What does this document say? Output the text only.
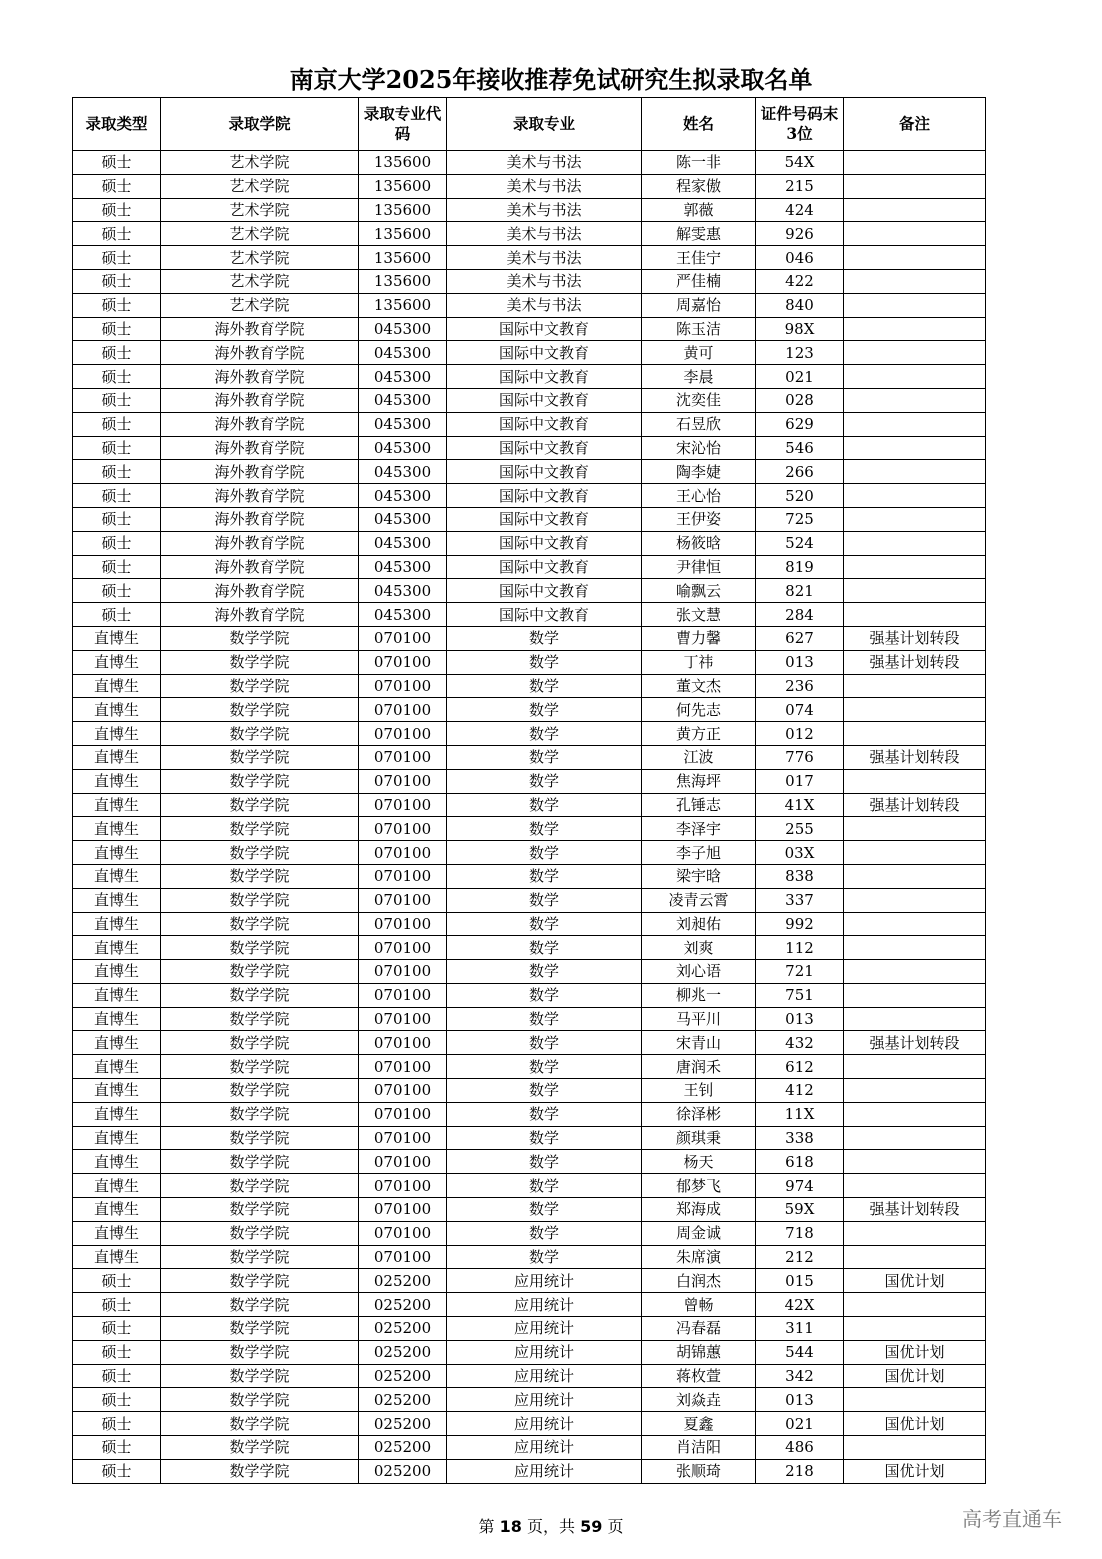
南京大学2025年接收推荐免试研究生拟录取名单
录取类型	录取学院	录取专业代码	录取专业	姓名	证件号码末3位	备注
硕士	艺术学院	135600	美术与书法	陈一非	54X	
硕士	艺术学院	135600	美术与书法	程家傲	215	
硕士	艺术学院	135600	美术与书法	郭薇	424	
硕士	艺术学院	135600	美术与书法	解雯惠	926	
硕士	艺术学院	135600	美术与书法	王佳宁	046	
硕士	艺术学院	135600	美术与书法	严佳楠	422	
硕士	艺术学院	135600	美术与书法	周嘉怡	840	
硕士	海外教育学院	045300	国际中文教育	陈玉洁	98X	
硕士	海外教育学院	045300	国际中文教育	黄可	123	
硕士	海外教育学院	045300	国际中文教育	李晨	021	
硕士	海外教育学院	045300	国际中文教育	沈奕佳	028	
硕士	海外教育学院	045300	国际中文教育	石昱欣	629	
硕士	海外教育学院	045300	国际中文教育	宋沁怡	546	
硕士	海外教育学院	045300	国际中文教育	陶李婕	266	
硕士	海外教育学院	045300	国际中文教育	王心怡	520	
硕士	海外教育学院	045300	国际中文教育	王伊姿	725	
硕士	海外教育学院	045300	国际中文教育	杨筱晗	524	
硕士	海外教育学院	045300	国际中文教育	尹律恒	819	
硕士	海外教育学院	045300	国际中文教育	喻飘云	821	
硕士	海外教育学院	045300	国际中文教育	张文慧	284	
直博生	数学学院	070100	数学	曹力馨	627	强基计划转段
直博生	数学学院	070100	数学	丁祎	013	强基计划转段
直博生	数学学院	070100	数学	董文杰	236	
直博生	数学学院	070100	数学	何先志	074	
直博生	数学学院	070100	数学	黄方正	012	
直博生	数学学院	070100	数学	江波	776	强基计划转段
直博生	数学学院	070100	数学	焦海坪	017	
直博生	数学学院	070100	数学	孔锤志	41X	强基计划转段
直博生	数学学院	070100	数学	李泽宇	255	
直博生	数学学院	070100	数学	李子旭	03X	
直博生	数学学院	070100	数学	梁宇晗	838	
直博生	数学学院	070100	数学	凌青云霄	337	
直博生	数学学院	070100	数学	刘昶佑	992	
直博生	数学学院	070100	数学	刘爽	112	
直博生	数学学院	070100	数学	刘心语	721	
直博生	数学学院	070100	数学	柳兆一	751	
直博生	数学学院	070100	数学	马平川	013	
直博生	数学学院	070100	数学	宋青山	432	强基计划转段
直博生	数学学院	070100	数学	唐润禾	612	
直博生	数学学院	070100	数学	王钊	412	
直博生	数学学院	070100	数学	徐泽彬	11X	
直博生	数学学院	070100	数学	颜琪秉	338	
直博生	数学学院	070100	数学	杨天	618	
直博生	数学学院	070100	数学	郁梦飞	974	
直博生	数学学院	070100	数学	郑海成	59X	强基计划转段
直博生	数学学院	070100	数学	周金诚	718	
直博生	数学学院	070100	数学	朱席演	212	
硕士	数学学院	025200	应用统计	白润杰	015	国优计划
硕士	数学学院	025200	应用统计	曾畅	42X	
硕士	数学学院	025200	应用统计	冯春磊	311	
硕士	数学学院	025200	应用统计	胡锦蕙	544	国优计划
硕士	数学学院	025200	应用统计	蒋枚萱	342	国优计划
硕士	数学学院	025200	应用统计	刘焱垚	013	
硕士	数学学院	025200	应用统计	夏鑫	021	国优计划
硕士	数学学院	025200	应用统计	肖洁阳	486	
硕士	数学学院	025200	应用统计	张顺琦	218	国优计划
第 18 页，共 59 页	高考直通车
